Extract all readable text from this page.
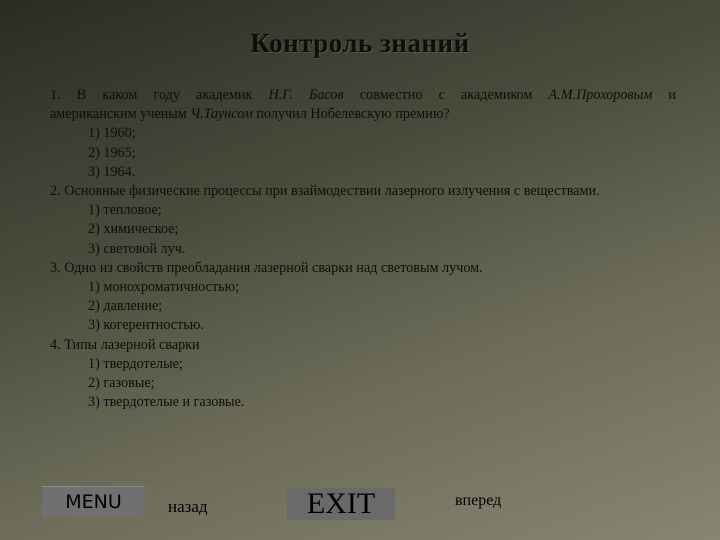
Контроль знаний
1. В каком году академик Н.Г. Басов совместно с академиком А.М.Прохоровым и
американским ученым Ч.Таунсом получил Нобелевскую премию?
1) 1960;
2) 1965;
3) 1964.
2. Основные физические процессы при взаймодествии лазерного излучения с веществами.
1) тепловое;
2) химическое;
3) световой луч.
3. Одно из свойств преобладания лазерной сварки над световым лучом.
1) монохроматичностью;
2) давление;
3) когерентностью.
4. Типы лазерной сварки
1) твердотелые;
2) газовые;
3) твердотелые и газовые.
MENU	назад	EXIT	вперед
